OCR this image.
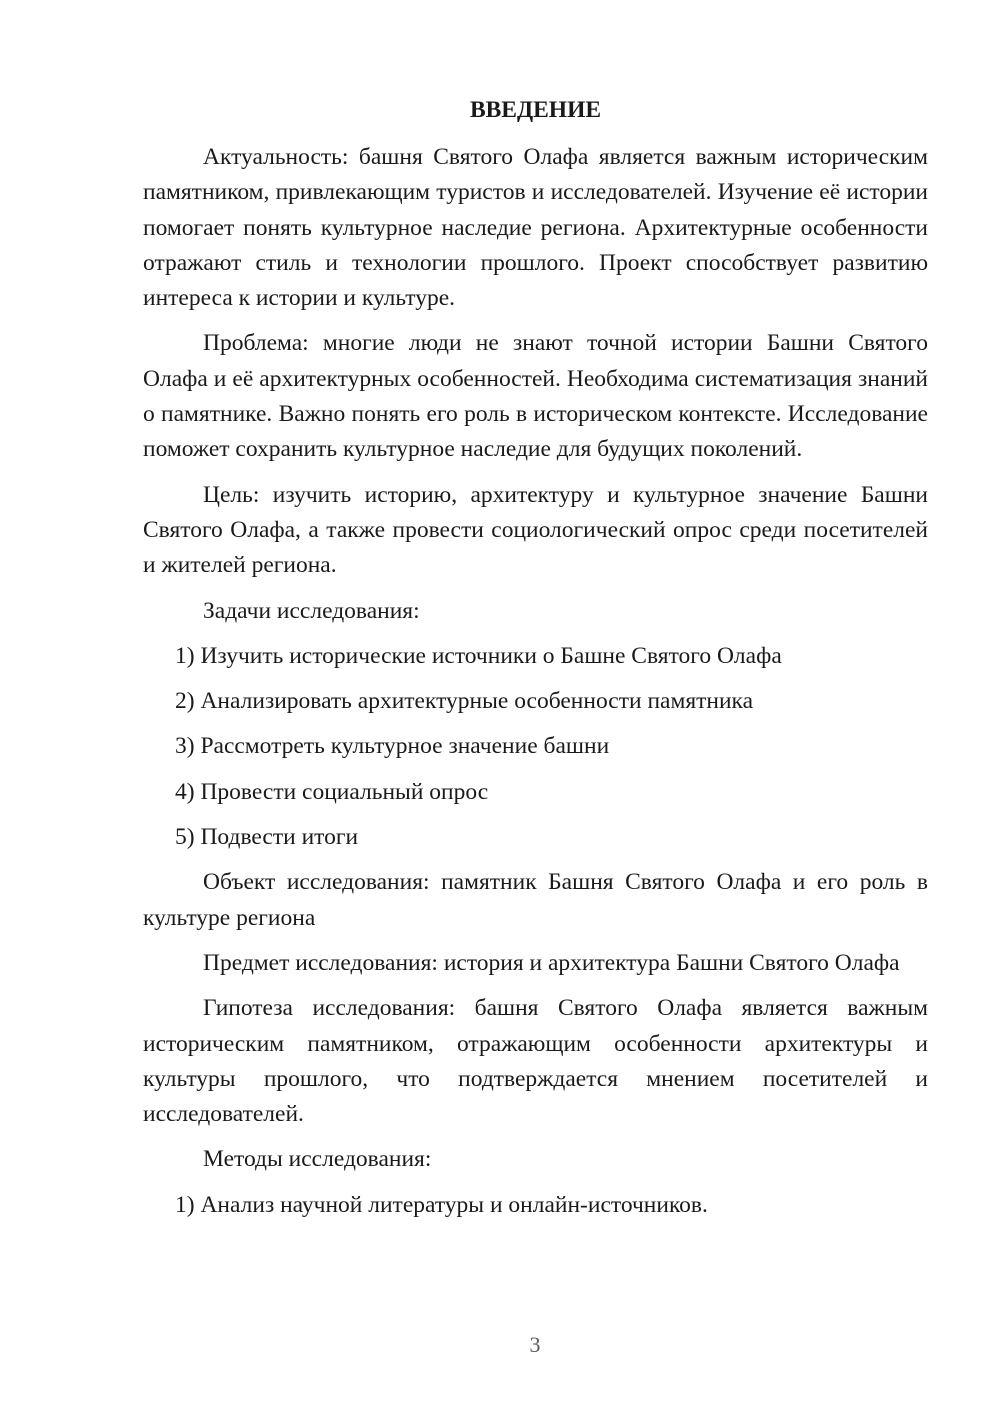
ВВЕДЕНИЕ

Актуальность: башня Святого Олафа является важным историческим памятником, привлекающим туристов и исследователей. Изучение её истории помогает понять культурное наследие региона. Архитектурные особенности отражают стиль и технологии прошлого. Проект способствует развитию интереса к истории и культуре.

Проблема: многие люди не знают точной истории Башни Святого Олафа и её архитектурных особенностей. Необходима систематизация знаний о памятнике. Важно понять его роль в историческом контексте. Исследование поможет сохранить культурное наследие для будущих поколений.

Цель: изучить историю, архитектуру и культурное значение Башни Святого Олафа, а также провести социологический опрос среди посетителей и жителей региона.

Задачи исследования:

1) Изучить исторические источники о Башне Святого Олафа
2) Анализировать архитектурные особенности памятника
3) Рассмотреть культурное значение башни
4) Провести социальный опрос
5) Подвести итоги

Объект исследования: памятник Башня Святого Олафа и его роль в культуре региона

Предмет исследования: история и архитектура Башни Святого Олафа

Гипотеза исследования: башня Святого Олафа является важным историческим памятником, отражающим особенности архитектуры и культуры прошлого, что подтверждается мнением посетителей и исследователей.

Методы исследования:

1) Анализ научной литературы и онлайн-источников.
3
